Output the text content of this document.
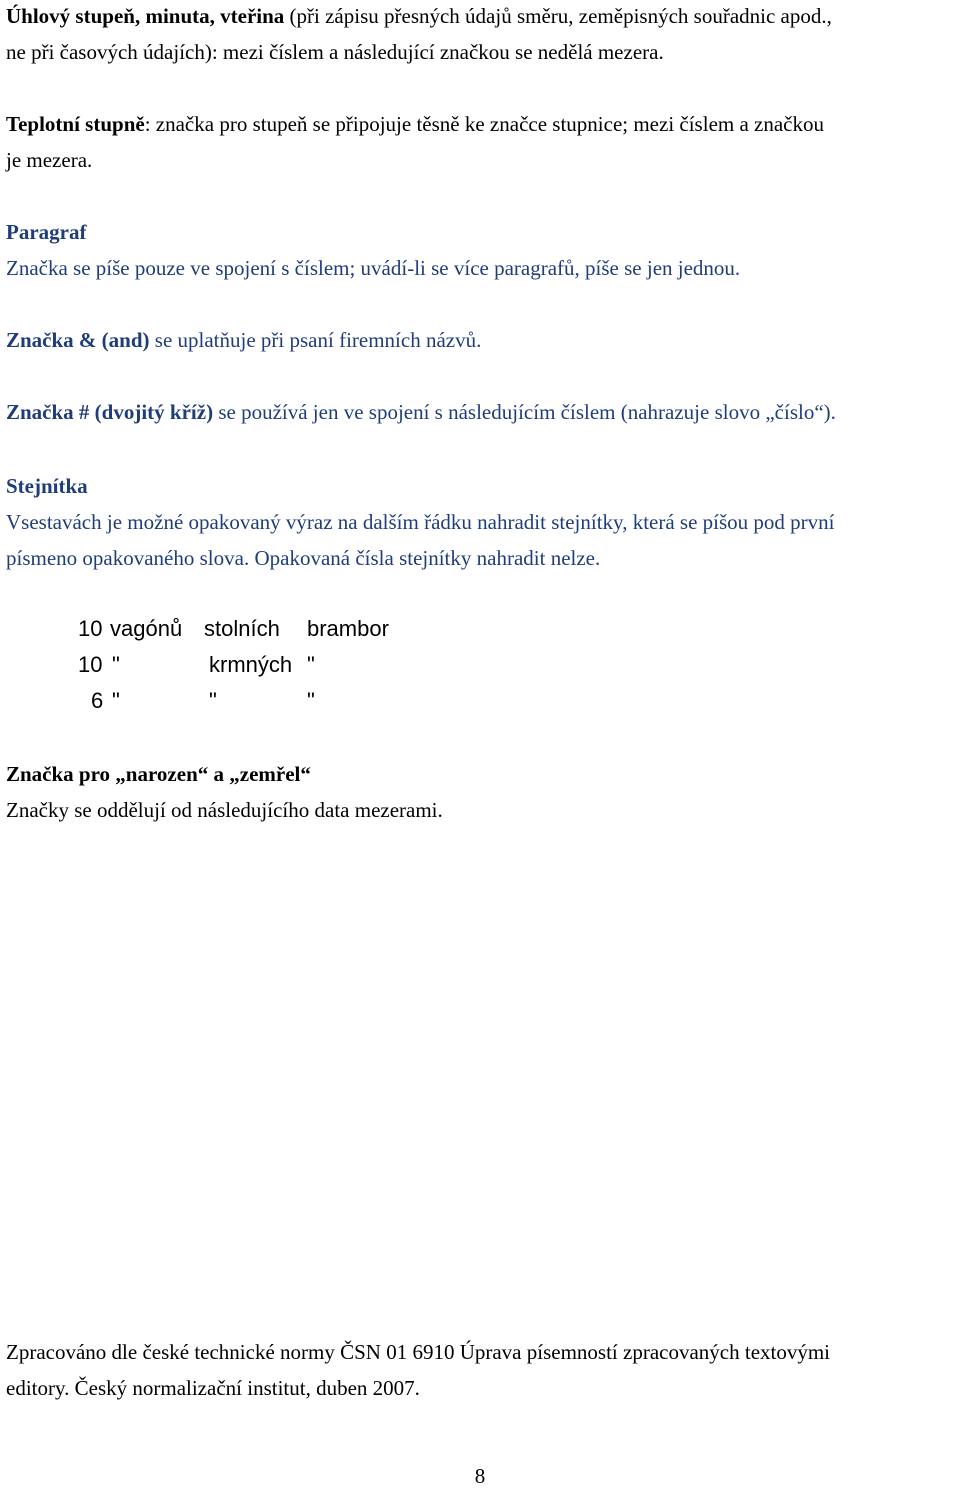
Úhlový stupeň, minuta, vteřina (při zápisu přesných údajů směru, zeměpisných souřadnic apod.,
ne při časových údajích): mezi číslem a následující značkou se nedělá mezera.
Teplotní stupně: značka pro stupeň se připojuje těsně ke značce stupnice; mezi číslem a značkou
je mezera.
Paragraf
Značka se píše pouze ve spojení s číslem; uvádí-li se více paragrafů, píše se jen jednou.
Značka & (and) se uplatňuje při psaní firemních názvů.
Značka # (dvojitý kříž) se používá jen ve spojení s následujícím číslem (nahrazuje slovo „číslo“).
Stejnítka
Vsestavách je možné opakovaný výraz na dalším řádku nahradit stejnítky, která se píšou pod první
písmeno opakovaného slova. Opakovaná čísla stejnítky nahradit nelze.
10 vagónů stolních brambor
10 "	krmných "
6 "	"	"
Značka pro „narozen“ a „zemřel“
Značky se oddělují od následujícího data mezerami.
Zpracováno dle české technické normy ČSN 01 6910 Úprava písemností zpracovaných textovými
editory. Český normalizační institut, duben 2007.
8
